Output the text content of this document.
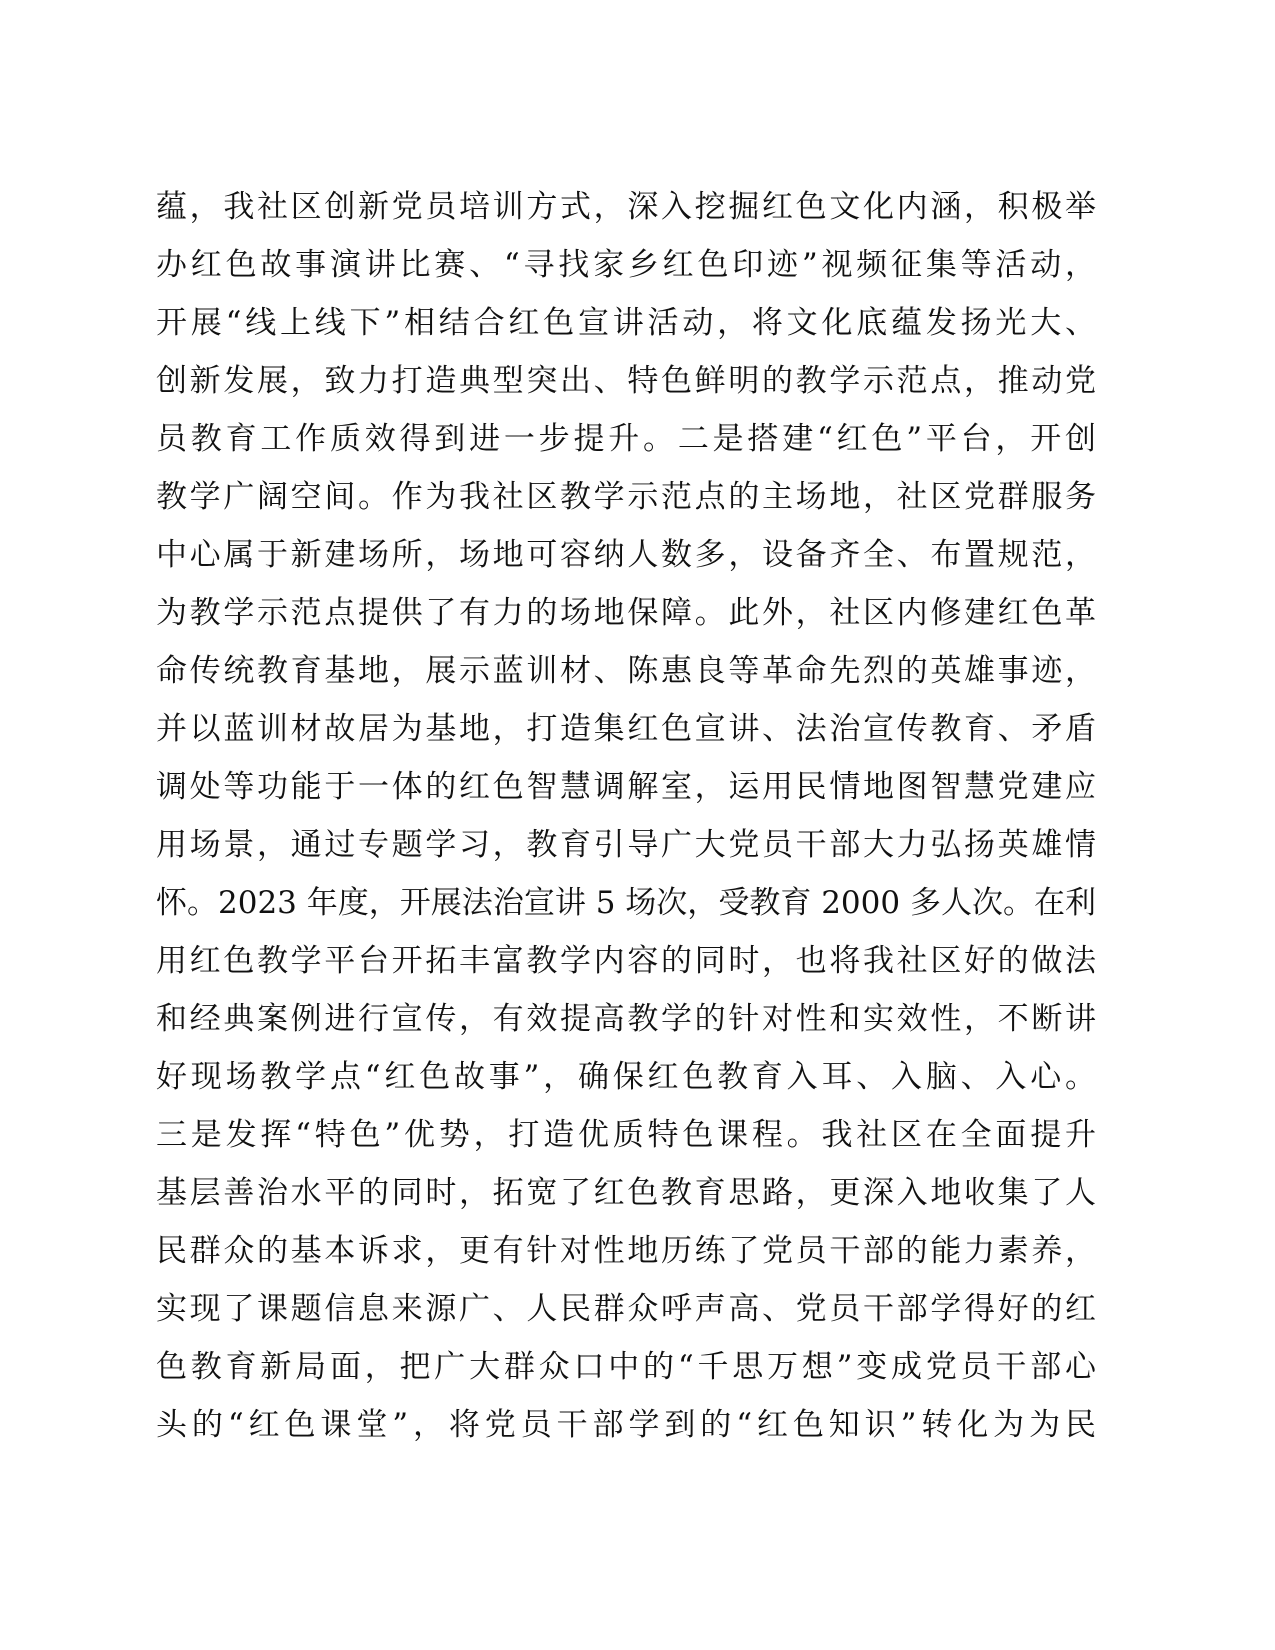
蕴，我社区创新党员培训方式，深入挖掘红色文化内涵，积极举
办红色故事演讲比赛、“寻找家乡红色印迹”视频征集等活动，
开展“线上线下”相结合红色宣讲活动，将文化底蕴发扬光大、
创新发展，致力打造典型突出、特色鲜明的教学示范点，推动党
员教育工作质效得到进一步提升。二是搭建“红色”平台，开创
教学广阔空间。作为我社区教学示范点的主场地，社区党群服务
中心属于新建场所，场地可容纳人数多，设备齐全、布置规范，
为教学示范点提供了有力的场地保障。此外，社区内修建红色革
命传统教育基地，展示蓝训材、陈惠良等革命先烈的英雄事迹，
并以蓝训材故居为基地，打造集红色宣讲、法治宣传教育、矛盾
调处等功能于一体的红色智慧调解室，运用民情地图智慧党建应
用场景，通过专题学习，教育引导广大党员干部大力弘扬英雄情
怀。2023 年度，开展法治宣讲 5 场次，受教育 2000 多人次。在利
用红色教学平台开拓丰富教学内容的同时，也将我社区好的做法
和经典案例进行宣传，有效提高教学的针对性和实效性，不断讲
好现场教学点“红色故事”，确保红色教育入耳、入脑、入心。
三是发挥“特色”优势，打造优质特色课程。我社区在全面提升
基层善治水平的同时，拓宽了红色教育思路，更深入地收集了人
民群众的基本诉求，更有针对性地历练了党员干部的能力素养，
实现了课题信息来源广、人民群众呼声高、党员干部学得好的红
色教育新局面，把广大群众口中的“千思万想”变成党员干部心
头的“红色课堂”，将党员干部学到的“红色知识”转化为为民
